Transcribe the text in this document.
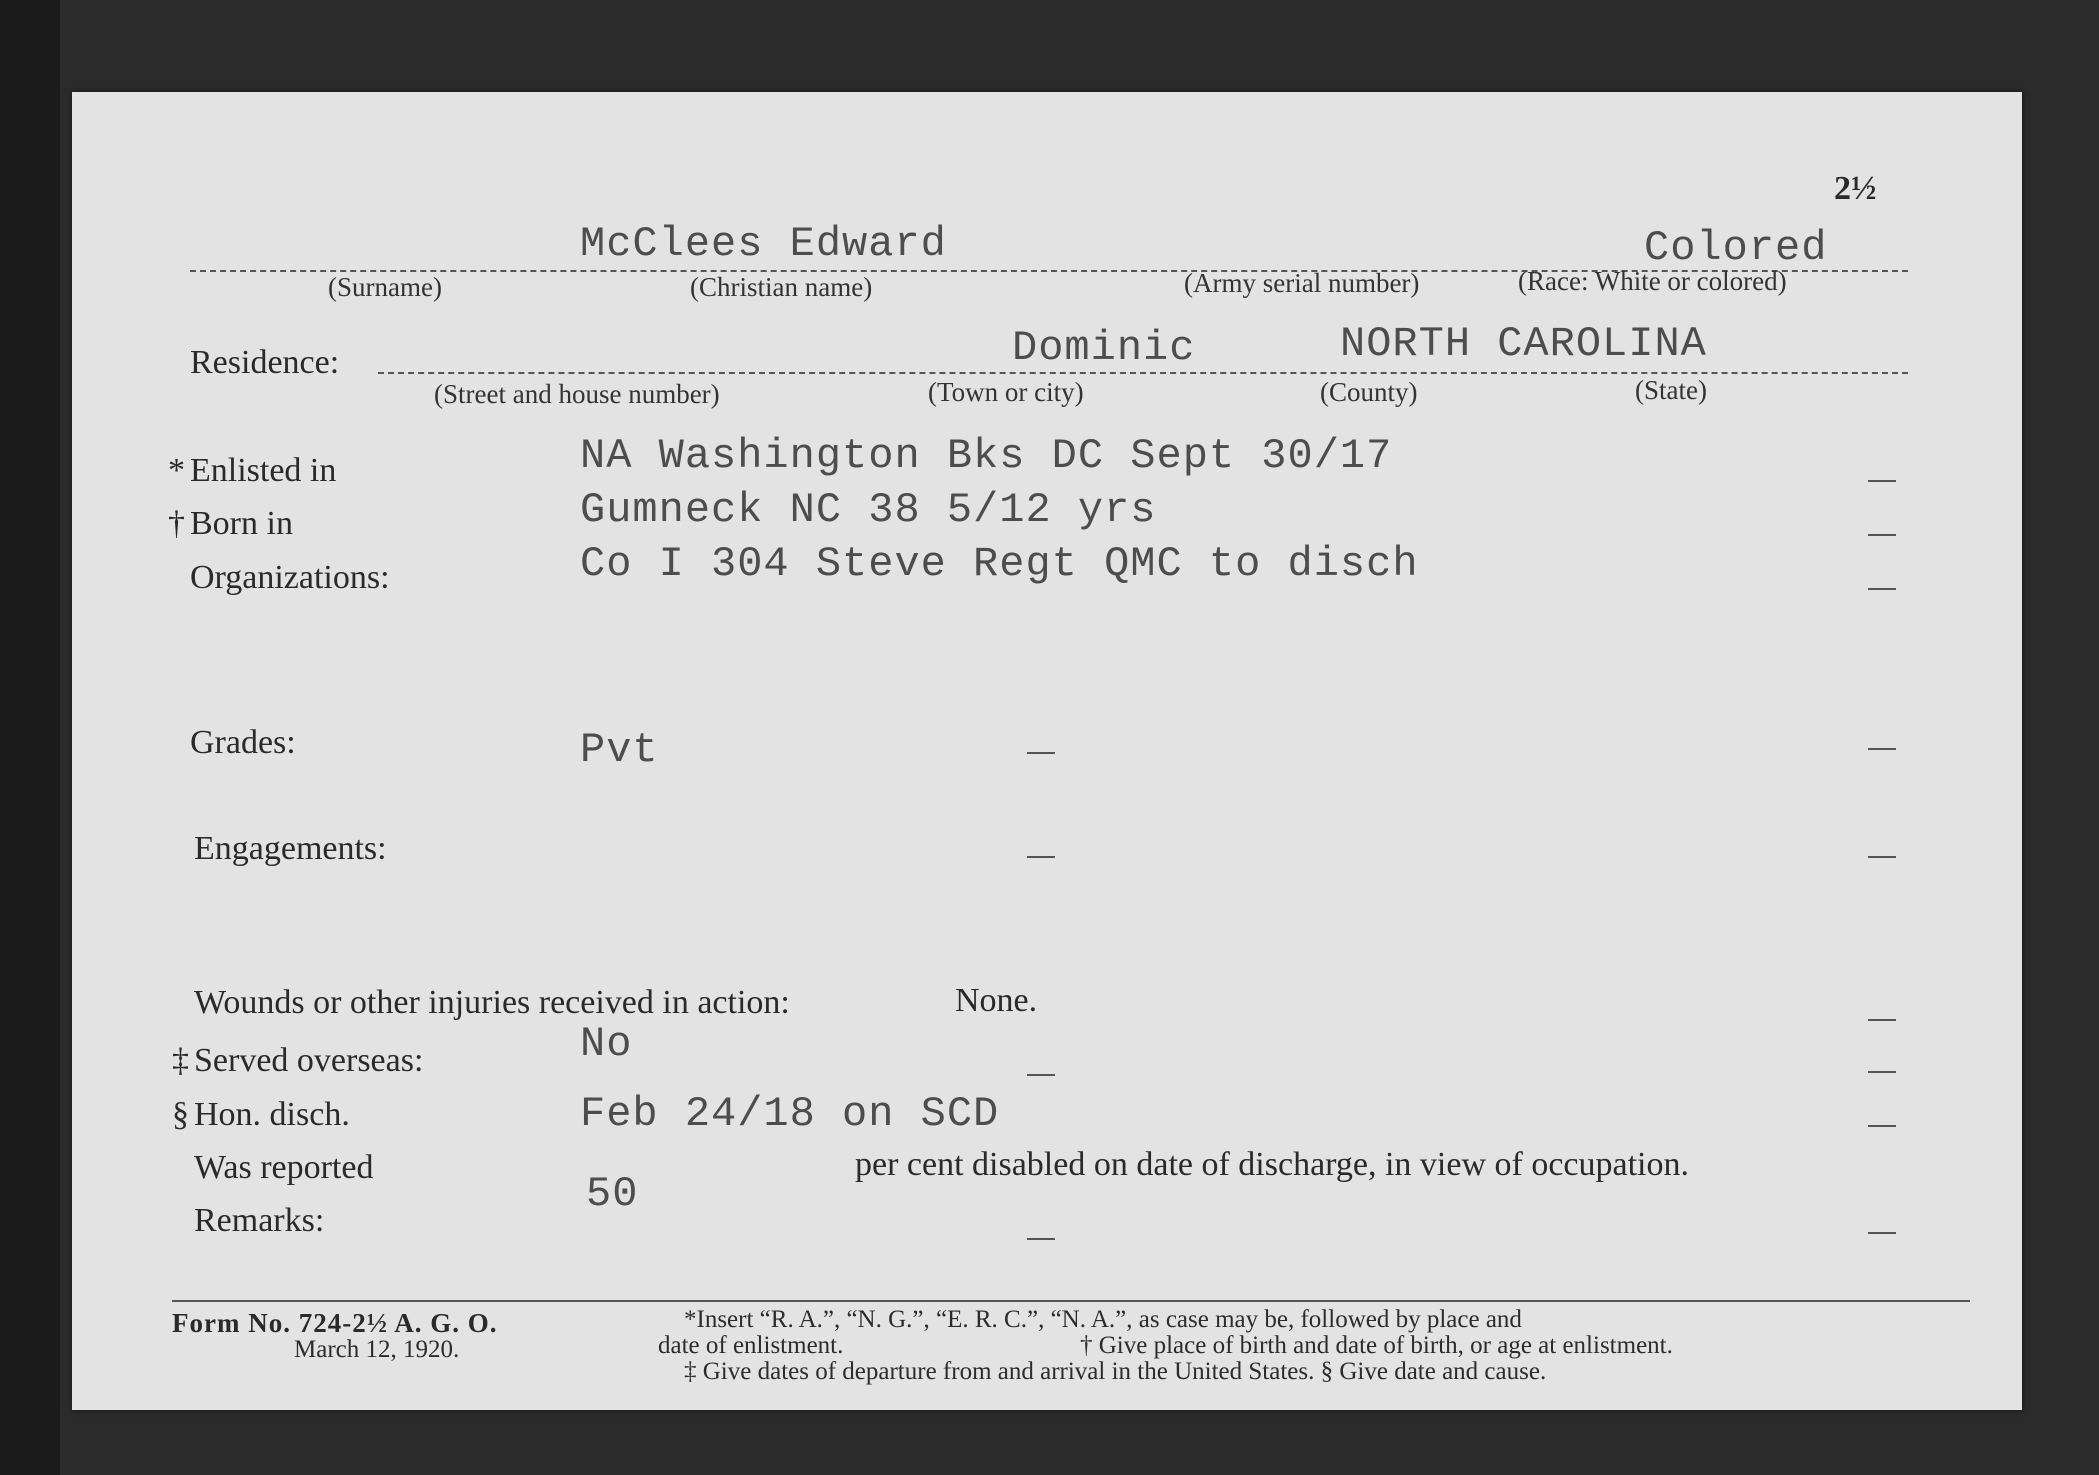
2½
McClees Edward	Colored
(Surname)	(Christian name)	(Army serial number)	(Race: White or colored)
Residence:	Dominic	NORTH CAROLINA
(Street and house number)	(Town or city)	(County)	(State)
* Enlisted in	NA Washington Bks DC Sept 30/17
† Born in	Gumneck NC 38 5/12 yrs
Organizations:	Co I 304 Steve Regt QMC to disch
Grades:	Pvt
Engagements:
Wounds or other injuries received in action:	None.
‡ Served overseas:	No
§ Hon. disch.	Feb 24/18 on SCD
Was reported
50
per cent disabled on date of discharge, in view of occupation.
Remarks:
Form No. 724-2½ A. G. O.
March 12, 1920.
*Insert “R. A.”, “N. G.”, “E. R. C.”, “N. A.”, as case may be, followed by place and
date of enlistment.	† Give place of birth and date of birth, or age at enlistment.
‡ Give dates of departure from and arrival in the United States. § Give date and cause.
